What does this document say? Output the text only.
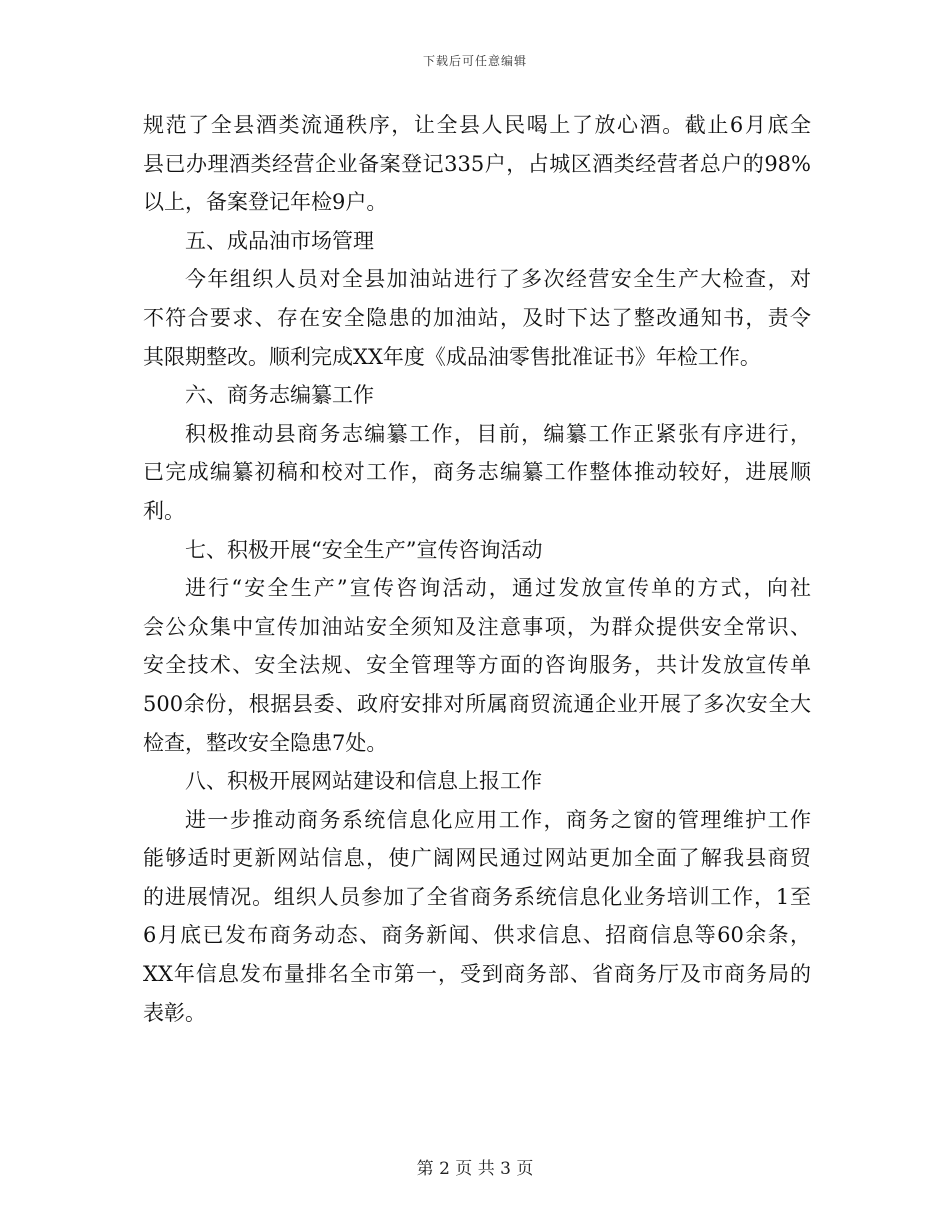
下载后可任意编辑
规范了全县酒类流通秩序，让全县人民喝上了放心酒。截止6月底全
县已办理酒类经营企业备案登记335户，占城区酒类经营者总户的98%
以上，备案登记年检9户。
五、成品油市场管理
今年组织人员对全县加油站进行了多次经营安全生产大检查，对
不符合要求、存在安全隐患的加油站，及时下达了整改通知书，责令
其限期整改。顺利完成XX年度《成品油零售批准证书》年检工作。
六、商务志编纂工作
积极推动县商务志编纂工作，目前，编纂工作正紧张有序进行，
已完成编纂初稿和校对工作，商务志编纂工作整体推动较好，进展顺
利。
七、积极开展“安全生产”宣传咨询活动
进行“安全生产”宣传咨询活动，通过发放宣传单的方式，向社
会公众集中宣传加油站安全须知及注意事项，为群众提供安全常识、
安全技术、安全法规、安全管理等方面的咨询服务，共计发放宣传单
500余份，根据县委、政府安排对所属商贸流通企业开展了多次安全大
检查，整改安全隐患7处。
八、积极开展网站建设和信息上报工作
进一步推动商务系统信息化应用工作，商务之窗的管理维护工作
能够适时更新网站信息，使广阔网民通过网站更加全面了解我县商贸
的进展情况。组织人员参加了全省商务系统信息化业务培训工作，1至
6月底已发布商务动态、商务新闻、供求信息、招商信息等60余条，
XX年信息发布量排名全市第一，受到商务部、省商务厅及市商务局的
表彰。
第 2 页 共 3 页
